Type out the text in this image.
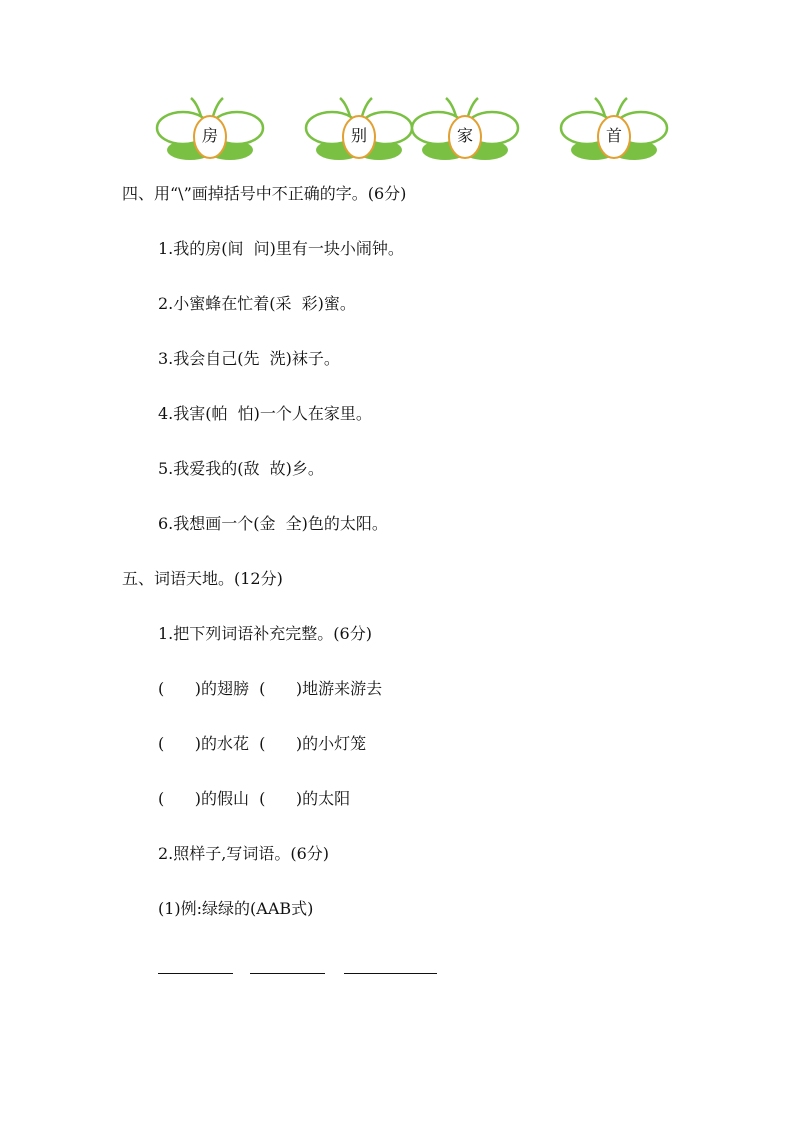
房	别	家	首
四、用“\”画掉括号中不正确的字。(6分)
1.我的房(间  问)里有一块小闹钟。
2.小蜜蜂在忙着(采  彩)蜜。
3.我会自己(先  洗)袜子。
4.我害(帕  怕)一个人在家里。
5.我爱我的(敌  故)乡。
6.我想画一个(金  全)色的太阳。
五、词语天地。(12分)
1.把下列词语补充完整。(6分)
(      )的翅膀  (      )地游来游去
(      )的水花  (      )的小灯笼
(      )的假山  (      )的太阳
2.照样子,写词语。(6分)
(1)例:绿绿的(AAB式)
